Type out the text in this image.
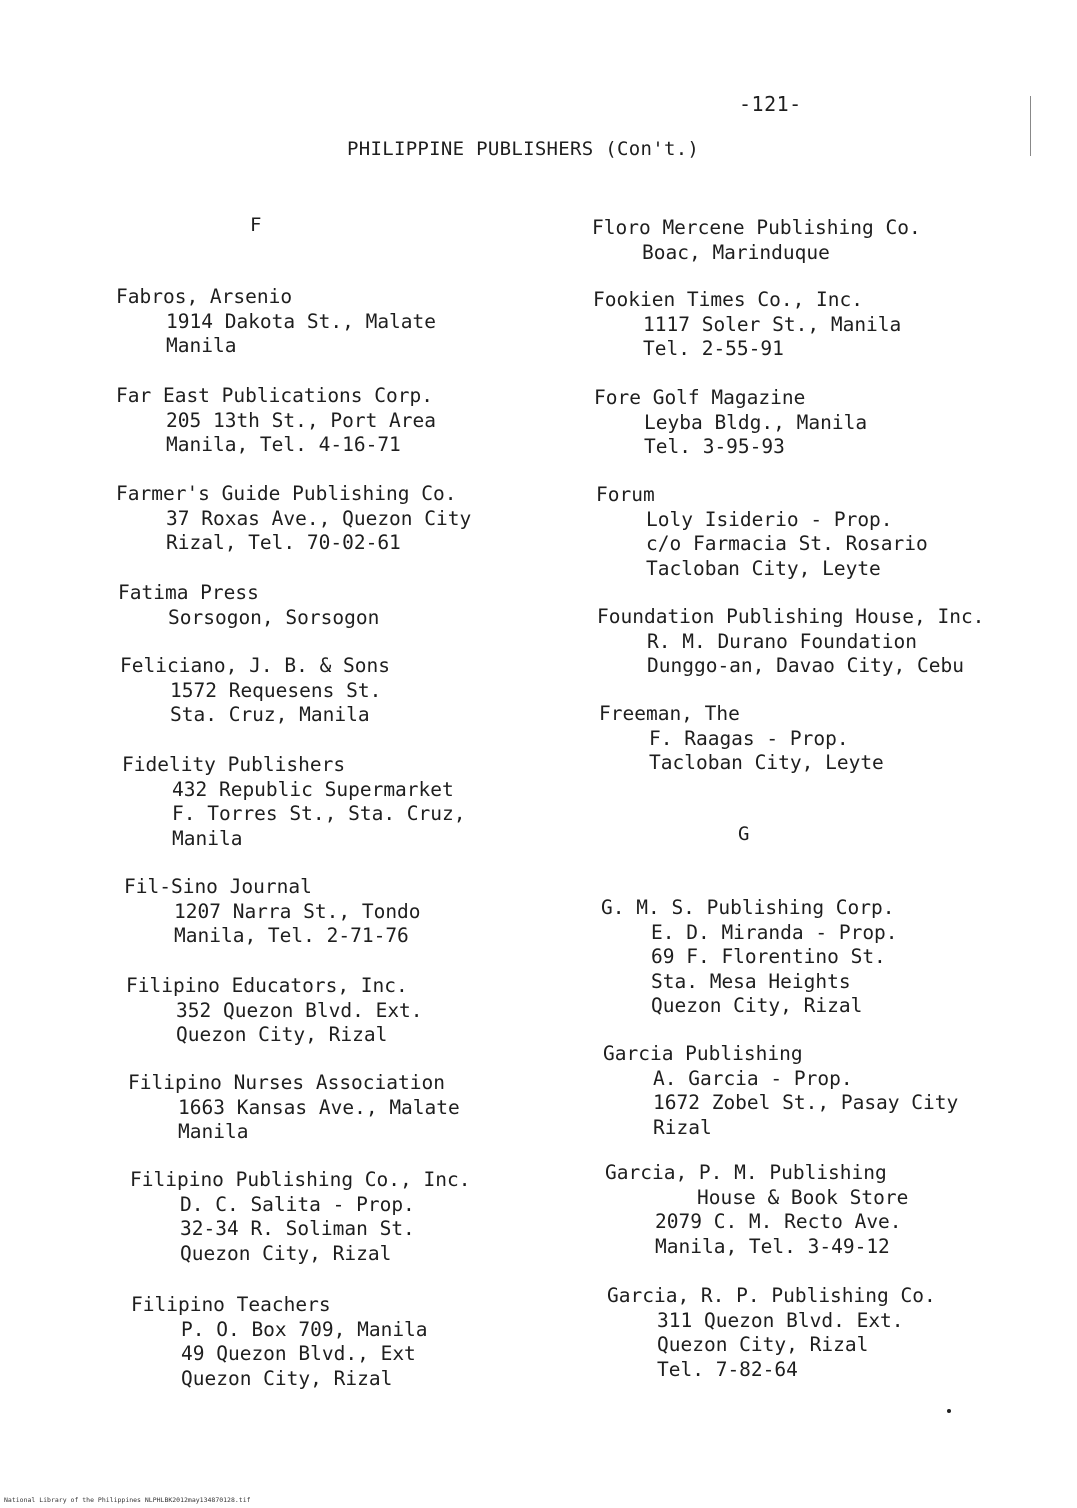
-121-
PHILIPPINE PUBLISHERS (Con't.)
F
Fabros, Arsenio
1914 Dakota St., Malate
Manila
Far East Publications Corp.
205 13th St., Port Area
Manila, Tel. 4-16-71
Farmer's Guide Publishing Co.
37 Roxas Ave., Quezon City
Rizal, Tel. 70-02-61
Fatima Press
Sorsogon, Sorsogon
Feliciano, J. B. & Sons
1572 Requesens St.
Sta. Cruz, Manila
Fidelity Publishers
432 Republic Supermarket
F. Torres St., Sta. Cruz,
Manila
Fil-Sino Journal
1207 Narra St., Tondo
Manila, Tel. 2-71-76
Filipino Educators, Inc.
352 Quezon Blvd. Ext.
Quezon City, Rizal
Filipino Nurses Association
1663 Kansas Ave., Malate
Manila
Filipino Publishing Co., Inc.
D. C. Salita - Prop.
32-34 R. Soliman St.
Quezon City, Rizal
Filipino Teachers
P. O. Box 709, Manila
49 Quezon Blvd., Ext
Quezon City, Rizal
Floro Mercene Publishing Co.
Boac, Marinduque
Fookien Times Co., Inc.
1117 Soler St., Manila
Tel. 2-55-91
Fore Golf Magazine
Leyba Bldg., Manila
Tel. 3-95-93
Forum
Loly Isiderio - Prop.
c/o Farmacia St. Rosario
Tacloban City, Leyte
Foundation Publishing House, Inc.
R. M. Durano Foundation
Dunggo-an, Davao City, Cebu
Freeman, The
F. Raagas - Prop.
Tacloban City, Leyte
G
G. M. S. Publishing Corp.
E. D. Miranda - Prop.
69 F. Florentino St.
Sta. Mesa Heights
Quezon City, Rizal
Garcia Publishing
A. Garcia - Prop.
1672 Zobel St., Pasay City
Rizal
Garcia, P. M. Publishing
House & Book Store
2079 C. M. Recto Ave.
Manila, Tel. 3-49-12
Garcia, R. P. Publishing Co.
311 Quezon Blvd. Ext.
Quezon City, Rizal
Tel. 7-82-64
National Library of the Philippines NLPHLBK2012may134870128.tif
